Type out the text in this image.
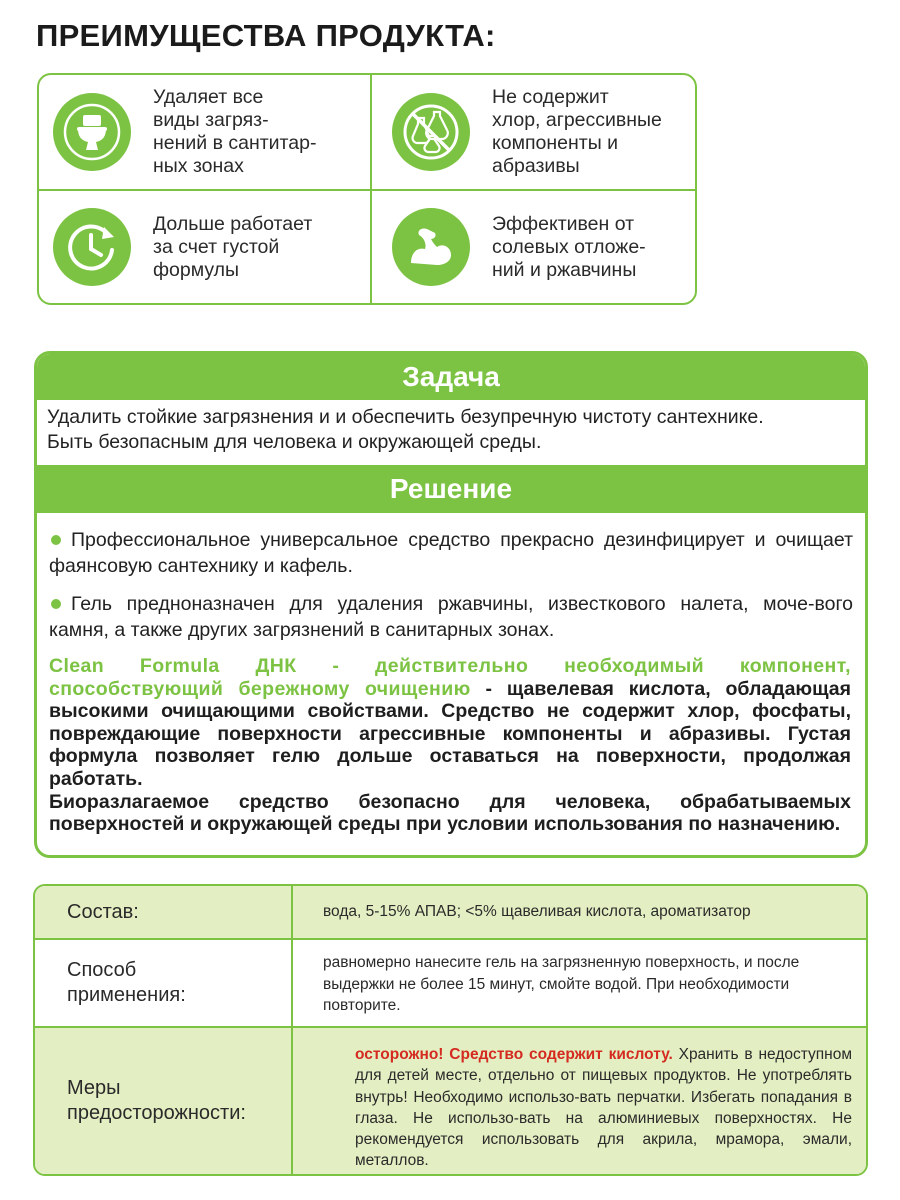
ПРЕИМУЩЕСТВА ПРОДУКТА:
Удаляет все
виды загряз-
нений в сантитар-
ных зонах
Не содержит
хлор, агрессивные
компоненты и
абразивы
Дольше работает
за счет густой
формулы
Эффективен от
солевых отложе-
ний и ржавчины
Задача
Удалить стойкие загрязнения и и обеспечить безупречную чистоту сантехнике.
Быть безопасным для человека и окружающей среды.
Решение
Профессиональное универсальное средство прекрасно дезинфицирует и очищает фаянсовую сантехнику и кафель.
Гель предноназначен для удаления ржавчины, известкового налета, моче-вого камня, а также других загрязнений в санитарных зонах.
Clean Formula ДНК - действительно необходимый компонент, способствующий бережному очищению - щавелевая кислота, обладающая высокими очищающими свойствами. Средство не содержит хлор, фосфаты, повреждающие поверхности агрессивные компоненты и абразивы. Густая формула позволяет гелю дольше оставаться на поверхности, продолжая работать.
Биоразлагаемое средство безопасно для человека, обрабатываемых поверхностей и окружающей среды при условии использования по назначению.
Состав:	вода, 5-15% АПАВ; <5% щавеливая кислота, ароматизатор
Способ
применения:
равномерно нанесите гель на загрязненную поверхность, и после выдержки не более 15 минут, смойте водой. При необходимости повторите.
Меры
предосторожности:
осторожно! Средство содержит кислоту. Хранить в недоступном для детей месте, отдельно от пищевых продуктов. Не употреблять внутрь! Необходимо использо-вать перчатки. Избегать попадания в глаза. Не использо-вать на алюминиевых поверхностях. Не рекомендуется использовать для акрила, мрамора, эмали, металлов.
